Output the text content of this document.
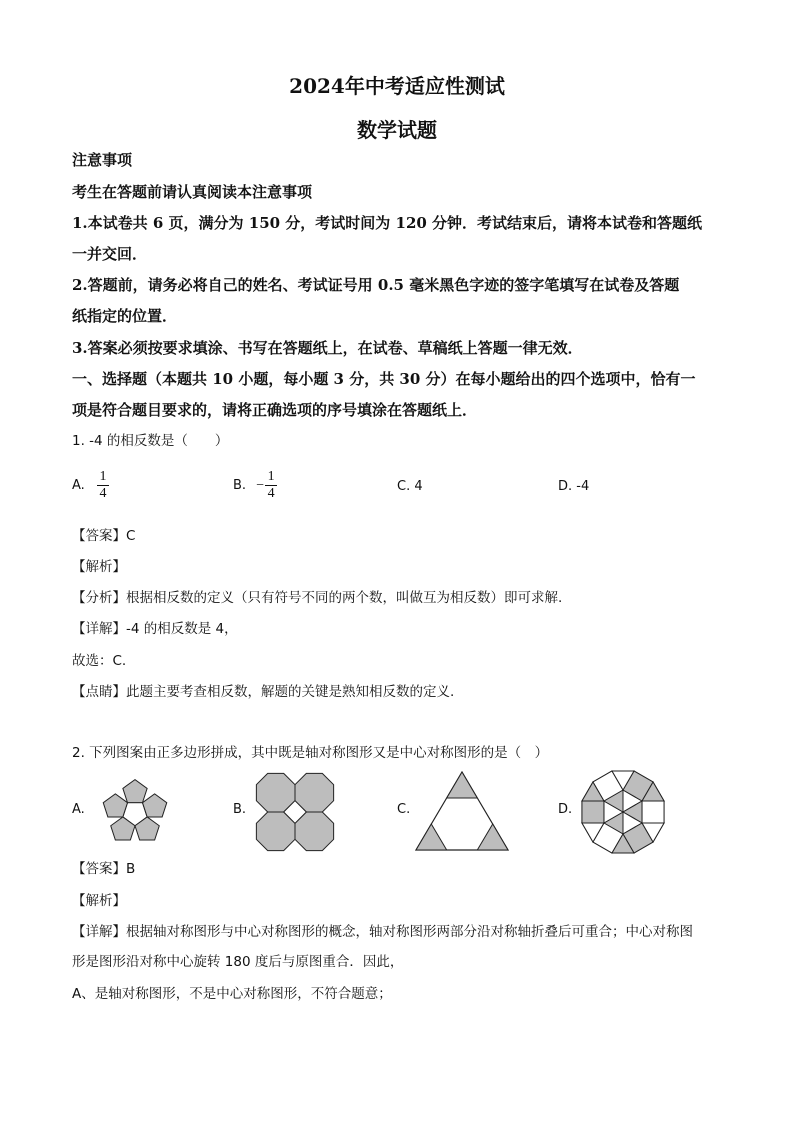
2024年中考适应性测试
数学试题
注意事项
考生在答题前请认真阅读本注意事项
1.本试卷共 6 页，满分为 150 分，考试时间为 120 分钟．考试结束后，请将本试卷和答题纸
一并交回．
2.答题前，请务必将自己的姓名、考试证号用 0.5 毫米黑色字迹的签字笔填写在试卷及答题
纸指定的位置．
3.答案必须按要求填涂、书写在答题纸上，在试卷、草稿纸上答题一律无效．
一、选择题（本题共 10 小题，每小题 3 分，共 30 分）在每小题给出的四个选项中，恰有一
项是符合题目要求的，请将正确选项的序号填涂在答题纸上．
1. -4 的相反数是（　　）
A. $\frac{1}{4}$	B. − $\frac{1}{4}$	C. 4	D. -4
【答案】C
【解析】
【分析】根据相反数的定义（只有符号不同的两个数，叫做互为相反数）即可求解.
【详解】-4 的相反数是 4，
故选：C.
【点睛】此题主要考查相反数，解题的关键是熟知相反数的定义.
2. 下列图案由正多边形拼成，其中既是轴对称图形又是中心对称图形的是（　）
A.	B.	C.	D.
【答案】B
【解析】
【详解】根据轴对称图形与中心对称图形的概念，轴对称图形两部分沿对称轴折叠后可重合；中心对称图
形是图形沿对称中心旋转 180 度后与原图重合．因此，
A、是轴对称图形，不是中心对称图形，不符合题意；
